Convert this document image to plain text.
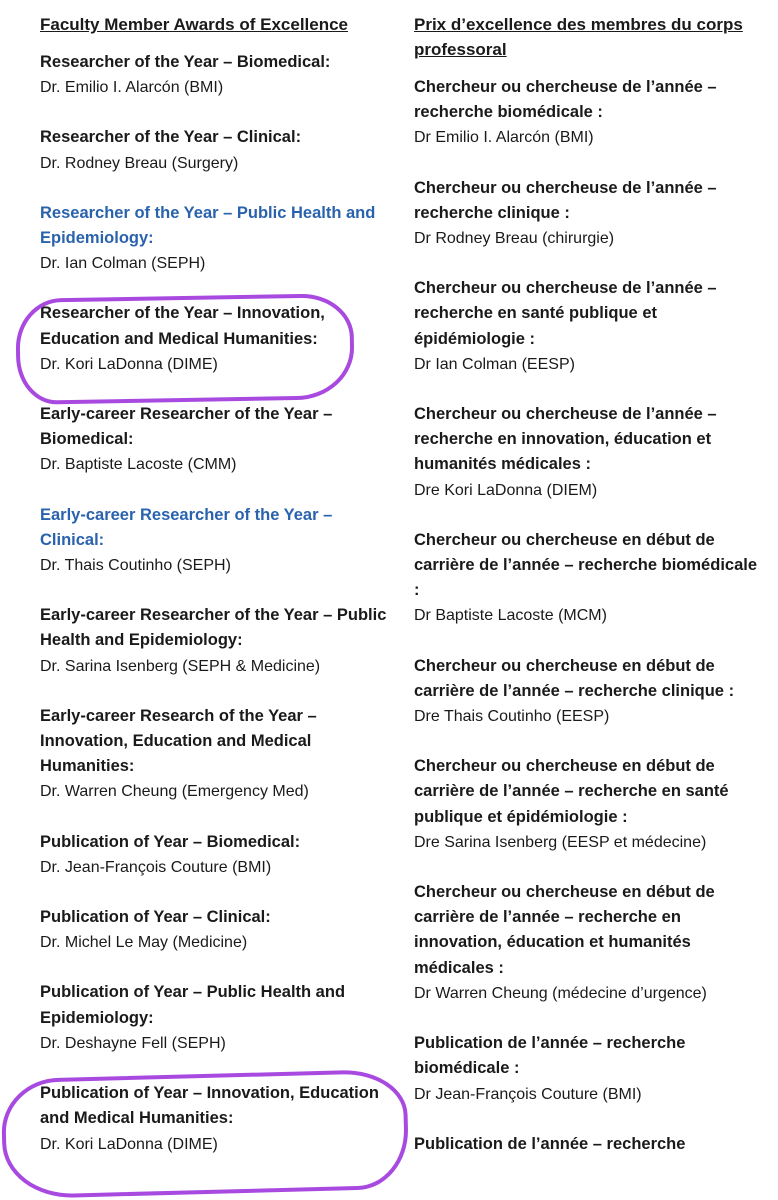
Faculty Member Awards of Excellence
Researcher of the Year – Biomedical:
Dr. Emilio I. Alarcón (BMI)
Researcher of the Year – Clinical:
Dr. Rodney Breau (Surgery)
Researcher of the Year – Public Health and Epidemiology:
Dr. Ian Colman (SEPH)
Researcher of the Year – Innovation, Education and Medical Humanities:
Dr. Kori LaDonna (DIME)
Early-career Researcher of the Year – Biomedical:
Dr. Baptiste Lacoste (CMM)
Early-career Researcher of the Year – Clinical:
Dr. Thais Coutinho (SEPH)
Early-career Researcher of the Year – Public Health and Epidemiology:
Dr. Sarina Isenberg (SEPH & Medicine)
Early-career Research of the Year – Innovation, Education and Medical Humanities:
Dr. Warren Cheung (Emergency Med)
Publication of Year – Biomedical:
Dr. Jean-François Couture (BMI)
Publication of Year – Clinical:
Dr. Michel Le May (Medicine)
Publication of Year – Public Health and Epidemiology:
Dr. Deshayne Fell (SEPH)
Publication of Year – Innovation, Education and Medical Humanities:
Dr. Kori LaDonna (DIME)
Prix d’excellence des membres du corps professoral
Chercheur ou chercheuse de l’année – recherche biomédicale :
Dr Emilio I. Alarcón (BMI)
Chercheur ou chercheuse de l’année – recherche clinique :
Dr Rodney Breau (chirurgie)
Chercheur ou chercheuse de l’année – recherche en santé publique et épidémiologie :
Dr Ian Colman (EESP)
Chercheur ou chercheuse de l’année – recherche en innovation, éducation et humanités médicales :
Dre Kori LaDonna (DIEM)
Chercheur ou chercheuse en début de carrière de l’année – recherche biomédicale :
Dr Baptiste Lacoste (MCM)
Chercheur ou chercheuse en début de carrière de l’année – recherche clinique :
Dre Thais Coutinho (EESP)
Chercheur ou chercheuse en début de carrière de l’année – recherche en santé publique et épidémiologie :
Dre Sarina Isenberg (EESP et médecine)
Chercheur ou chercheuse en début de carrière de l’année – recherche en innovation, éducation et humanités médicales :
Dr Warren Cheung (médecine d’urgence)
Publication de l’année – recherche biomédicale :
Dr Jean-François Couture (BMI)
Publication de l’année – recherche
